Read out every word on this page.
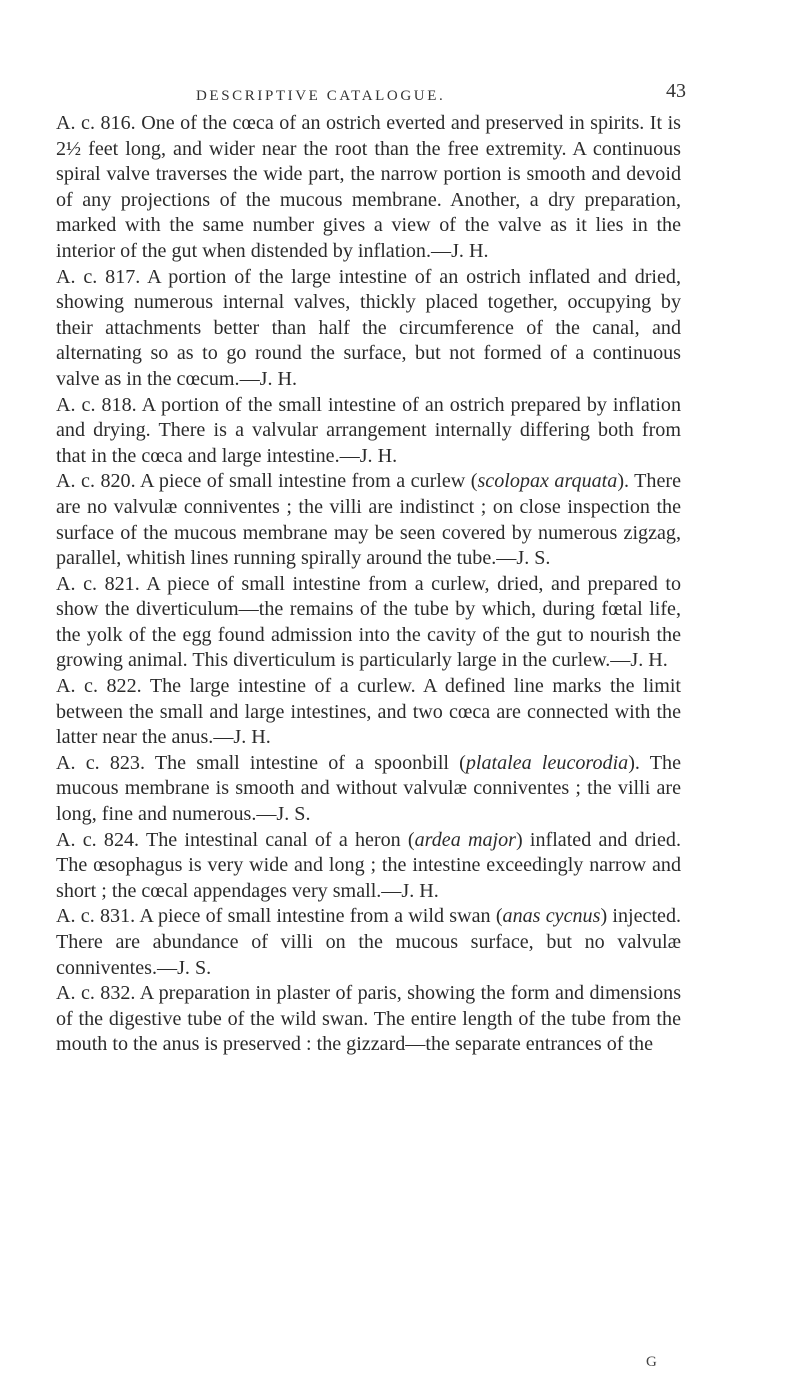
DESCRIPTIVE CATALOGUE.	43

A. c. 816. One of the cœca of an ostrich everted and preserved in spirits. It is 2½ feet long, and wider near the root than the free extremity. A continuous spiral valve traverses the wide part, the narrow portion is smooth and devoid of any projections of the mucous membrane. Another, a dry preparation, marked with the same number gives a view of the valve as it lies in the interior of the gut when distended by inflation.—J. H.

A. c. 817. A portion of the large intestine of an ostrich inflated and dried, showing numerous internal valves, thickly placed together, occupying by their attachments better than half the circumference of the canal, and alternating so as to go round the surface, but not formed of a continuous valve as in the cœcum.—J. H.

A. c. 818. A portion of the small intestine of an ostrich prepared by inflation and drying. There is a valvular arrangement internally differing both from that in the cœca and large intestine.—J. H.

A. c. 820. A piece of small intestine from a curlew (scolopax arquata). There are no valvulæ conniventes ; the villi are indistinct ; on close inspection the surface of the mucous membrane may be seen covered by numerous zigzag, parallel, whitish lines running spirally around the tube.—J. S.

A. c. 821. A piece of small intestine from a curlew, dried, and prepared to show the diverticulum—the remains of the tube by which, during fœtal life, the yolk of the egg found admission into the cavity of the gut to nourish the growing animal. This diverticulum is particularly large in the curlew.—J. H.

A. c. 822. The large intestine of a curlew. A defined line marks the limit between the small and large intestines, and two cœca are connected with the latter near the anus.—J. H.

A. c. 823. The small intestine of a spoonbill (platalea leucorodia). The mucous membrane is smooth and without valvulæ conniventes ; the villi are long, fine and numerous.—J. S.

A. c. 824. The intestinal canal of a heron (ardea major) inflated and dried. The œsophagus is very wide and long ; the intestine exceedingly narrow and short ; the cœcal appendages very small.—J. H.

A. c. 831. A piece of small intestine from a wild swan (anas cycnus) injected. There are abundance of villi on the mucous surface, but no valvulæ conniventes.—J. S.

A. c. 832. A preparation in plaster of paris, showing the form and dimensions of the digestive tube of the wild swan. The entire length of the tube from the mouth to the anus is preserved : the gizzard—the separate entrances of the

G
